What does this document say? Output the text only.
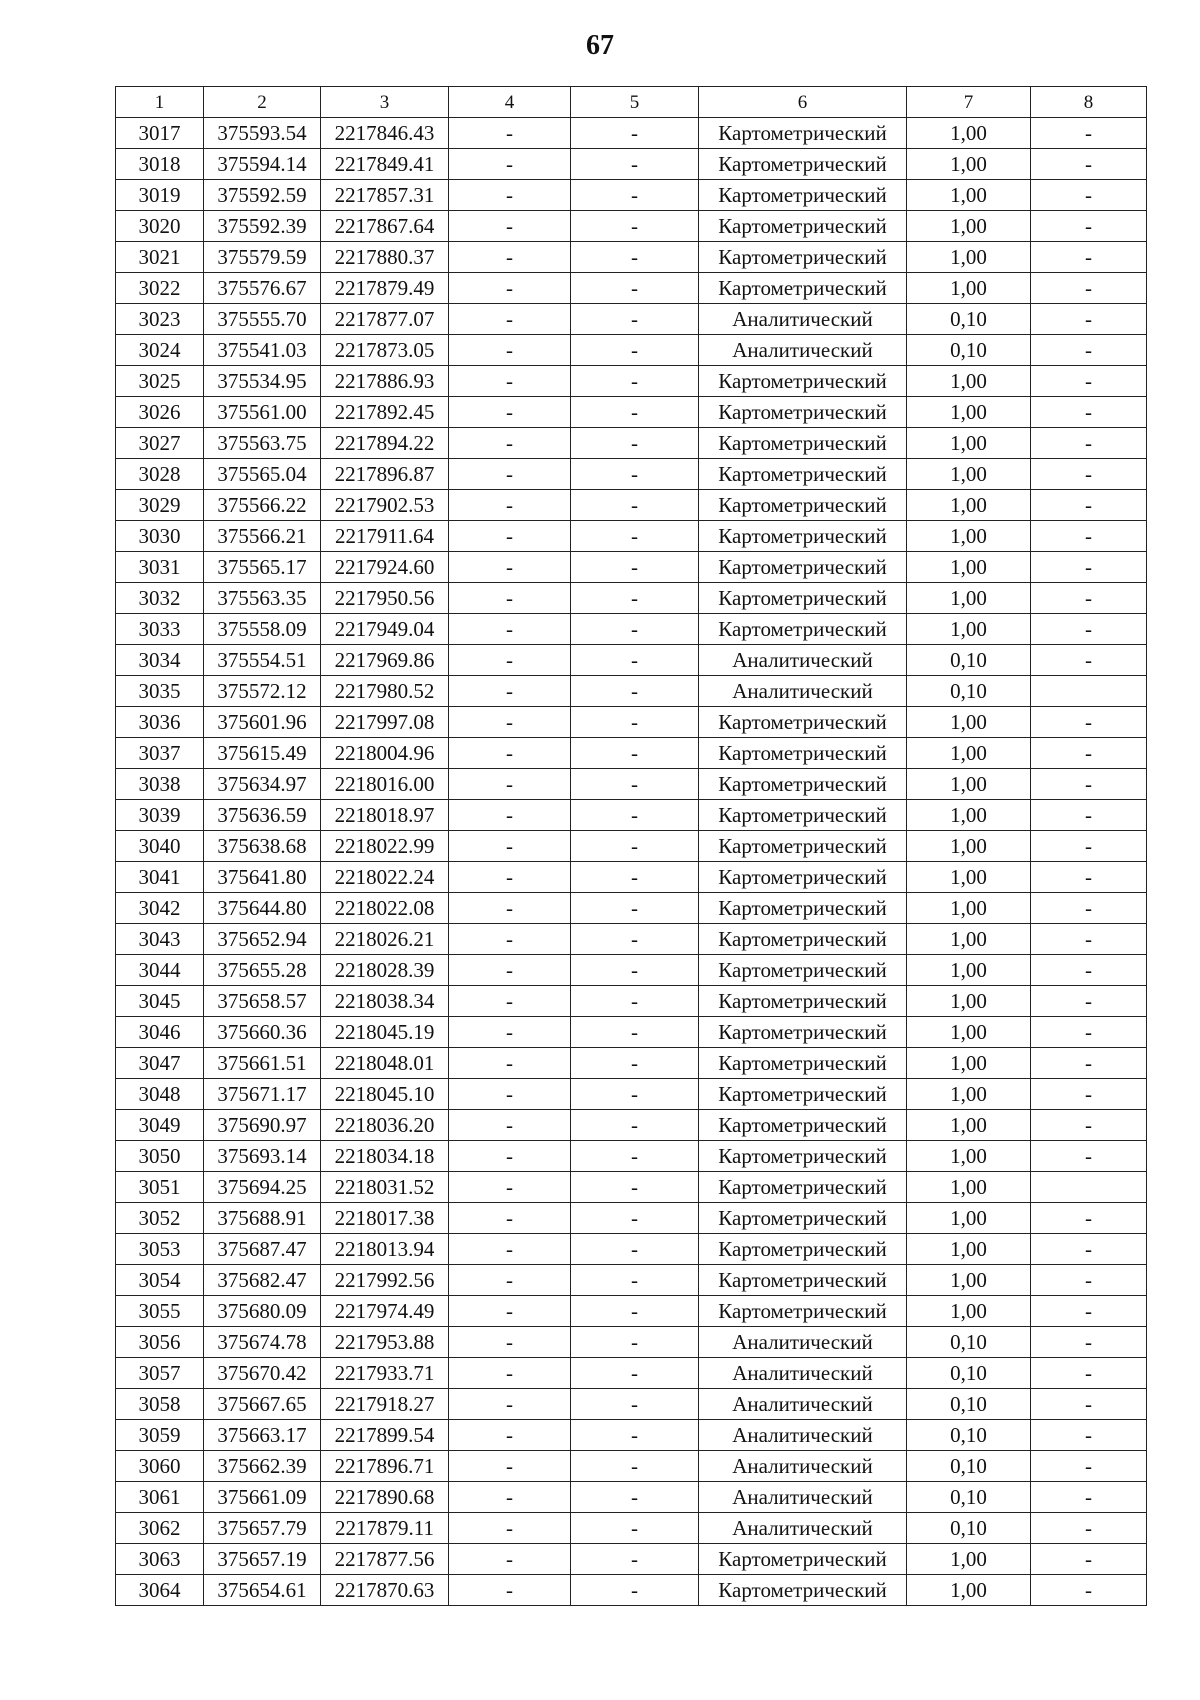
67
1	2	3	4	5	6	7	8
3017	375593.54	2217846.43	-	-	Картометрический	1,00	-
3018	375594.14	2217849.41	-	-	Картометрический	1,00	-
3019	375592.59	2217857.31	-	-	Картометрический	1,00	-
3020	375592.39	2217867.64	-	-	Картометрический	1,00	-
3021	375579.59	2217880.37	-	-	Картометрический	1,00	-
3022	375576.67	2217879.49	-	-	Картометрический	1,00	-
3023	375555.70	2217877.07	-	-	Аналитический	0,10	-
3024	375541.03	2217873.05	-	-	Аналитический	0,10	-
3025	375534.95	2217886.93	-	-	Картометрический	1,00	-
3026	375561.00	2217892.45	-	-	Картометрический	1,00	-
3027	375563.75	2217894.22	-	-	Картометрический	1,00	-
3028	375565.04	2217896.87	-	-	Картометрический	1,00	-
3029	375566.22	2217902.53	-	-	Картометрический	1,00	-
3030	375566.21	2217911.64	-	-	Картометрический	1,00	-
3031	375565.17	2217924.60	-	-	Картометрический	1,00	-
3032	375563.35	2217950.56	-	-	Картометрический	1,00	-
3033	375558.09	2217949.04	-	-	Картометрический	1,00	-
3034	375554.51	2217969.86	-	-	Аналитический	0,10	-
3035	375572.12	2217980.52	-	-	Аналитический	0,10	
3036	375601.96	2217997.08	-	-	Картометрический	1,00	-
3037	375615.49	2218004.96	-	-	Картометрический	1,00	-
3038	375634.97	2218016.00	-	-	Картометрический	1,00	-
3039	375636.59	2218018.97	-	-	Картометрический	1,00	-
3040	375638.68	2218022.99	-	-	Картометрический	1,00	-
3041	375641.80	2218022.24	-	-	Картометрический	1,00	-
3042	375644.80	2218022.08	-	-	Картометрический	1,00	-
3043	375652.94	2218026.21	-	-	Картометрический	1,00	-
3044	375655.28	2218028.39	-	-	Картометрический	1,00	-
3045	375658.57	2218038.34	-	-	Картометрический	1,00	-
3046	375660.36	2218045.19	-	-	Картометрический	1,00	-
3047	375661.51	2218048.01	-	-	Картометрический	1,00	-
3048	375671.17	2218045.10	-	-	Картометрический	1,00	-
3049	375690.97	2218036.20	-	-	Картометрический	1,00	-
3050	375693.14	2218034.18	-	-	Картометрический	1,00	-
3051	375694.25	2218031.52	-	-	Картометрический	1,00	
3052	375688.91	2218017.38	-	-	Картометрический	1,00	-
3053	375687.47	2218013.94	-	-	Картометрический	1,00	-
3054	375682.47	2217992.56	-	-	Картометрический	1,00	-
3055	375680.09	2217974.49	-	-	Картометрический	1,00	-
3056	375674.78	2217953.88	-	-	Аналитический	0,10	-
3057	375670.42	2217933.71	-	-	Аналитический	0,10	-
3058	375667.65	2217918.27	-	-	Аналитический	0,10	-
3059	375663.17	2217899.54	-	-	Аналитический	0,10	-
3060	375662.39	2217896.71	-	-	Аналитический	0,10	-
3061	375661.09	2217890.68	-	-	Аналитический	0,10	-
3062	375657.79	2217879.11	-	-	Аналитический	0,10	-
3063	375657.19	2217877.56	-	-	Картометрический	1,00	-
3064	375654.61	2217870.63	-	-	Картометрический	1,00	-
